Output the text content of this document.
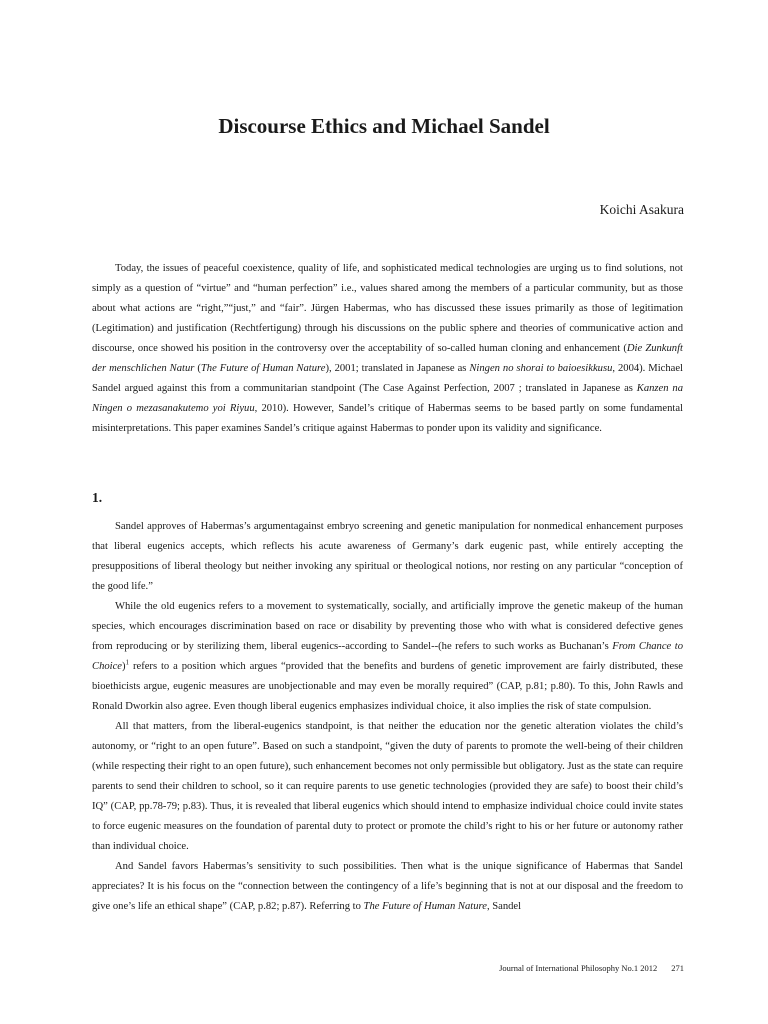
Discourse Ethics and Michael Sandel
Koichi Asakura

Today, the issues of peaceful coexistence, quality of life, and sophisticated medical technologies are urging us to find solutions, not simply as a question of “virtue” and “human perfection” i.e., values shared among the members of a particular community, but as those about what actions are “right,”“just,” and “fair”. Jürgen Habermas, who has discussed these issues primarily as those of legitimation (Legitimation) and justification (Rechtfertigung) through his discussions on the public sphere and theories of communicative action and discourse, once showed his position in the controversy over the acceptability of so-called human cloning and enhancement (Die Zunkunft der menschlichen Natur (The Future of Human Nature), 2001; translated in Japanese as Ningen no shorai to baioesikkusu, 2004). Michael Sandel argued against this from a communitarian standpoint (The Case Against Perfection, 2007 ; translated in Japanese as Kanzen na Ningen o mezasanakutemo yoi Riyuu, 2010). However, Sandel’s critique of Habermas seems to be based partly on some fundamental misinterpretations. This paper examines Sandel’s critique against Habermas to ponder upon its validity and significance.

1.

Sandel approves of Habermas’s argumentagainst embryo screening and genetic manipulation for nonmedical enhancement purposes that liberal eugenics accepts, which reflects his acute awareness of Germany’s dark eugenic past, while entirely accepting the presuppositions of liberal theology but neither invoking any spiritual or theological notions, nor resting on any particular “conception of the good life.”

While the old eugenics refers to a movement to systematically, socially, and artificially improve the genetic makeup of the human species, which encourages discrimination based on race or disability by preventing those who with what is considered defective genes from reproducing or by sterilizing them, liberal eugenics--according to Sandel--(he refers to such works as Buchanan’s From Chance to Choice)$^1$ refers to a position which argues “provided that the benefits and burdens of genetic improvement are fairly distributed, these bioethicists argue, eugenic measures are unobjectionable and may even be morally required” (CAP, p.81; p.80). To this, John Rawls and Ronald Dworkin also agree. Even though liberal eugenics emphasizes individual choice, it also implies the risk of state compulsion.

All that matters, from the liberal-eugenics standpoint, is that neither the education nor the genetic alteration violates the child’s autonomy, or “right to an open future”. Based on such a standpoint, “given the duty of parents to promote the well-being of their children (while respecting their right to an open future), such enhancement becomes not only permissible but obligatory. Just as the state can require parents to send their children to school, so it can require parents to use genetic technologies (provided they are safe) to boost their child’s IQ” (CAP, pp.78-79; p.83). Thus, it is revealed that liberal eugenics which should intend to emphasize individual choice could invite states to force eugenic measures on the foundation of parental duty to protect or promote the child’s right to his or her future or autonomy rather than individual choice.

And Sandel favors Habermas’s sensitivity to such possibilities. Then what is the unique significance of Habermas that Sandel appreciates? It is his focus on the “connection between the contingency of a life’s beginning that is not at our disposal and the freedom to give one’s life an ethical shape” (CAP, p.82; p.87). Referring to The Future of Human Nature, Sandel

Journal of International Philosophy No.1 2012 271
